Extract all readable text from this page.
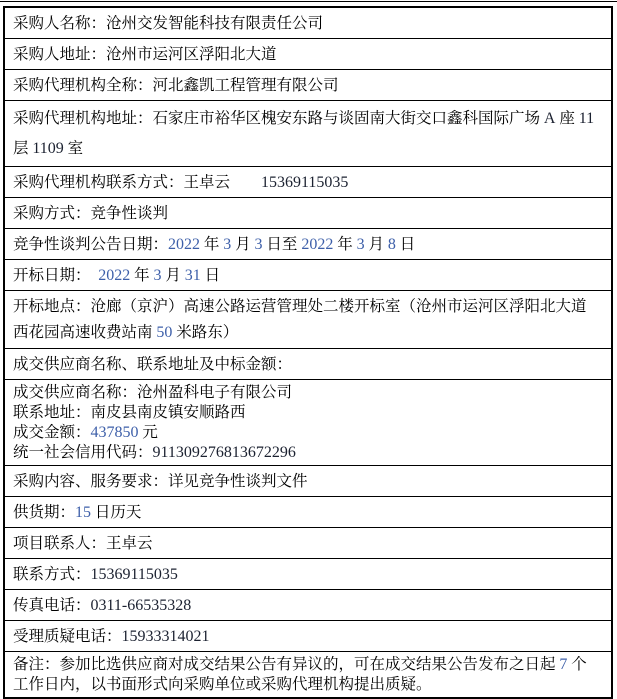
采购人名称：沧州交发智能科技有限责任公司
采购人地址：沧州市运河区浮阳北大道
采购代理机构全称：河北鑫凯工程管理有限公司
采购代理机构地址：石家庄市裕华区槐安东路与谈固南大街交口鑫科国际广场 A 座 11
层 1109 室
采购代理机构联系方式：王卓云　　15369115035
采购方式：竞争性谈判
竞争性谈判公告日期：2022 年 3 月 3 日至 2022 年 3 月 8 日
开标日期：　2022 年 3 月 31 日
开标地点：沧廊（京沪）高速公路运营管理处二楼开标室（沧州市运河区浮阳北大道
西花园高速收费站南 50 米路东）
成交供应商名称、联系地址及中标金额：
成交供应商名称：沧州盈科电子有限公司
联系地址：南皮县南皮镇安顺路西
成交金额：437850 元
统一社会信用代码：911309276813672296
采购内容、服务要求：详见竞争性谈判文件
供货期：15 日历天
项目联系人：王卓云
联系方式：15369115035
传真电话：0311-66535328
受理质疑电话：15933314021
备注：参加比选供应商对成交结果公告有异议的，可在成交结果公告发布之日起 7 个
工作日内，以书面形式向采购单位或采购代理机构提出质疑。
